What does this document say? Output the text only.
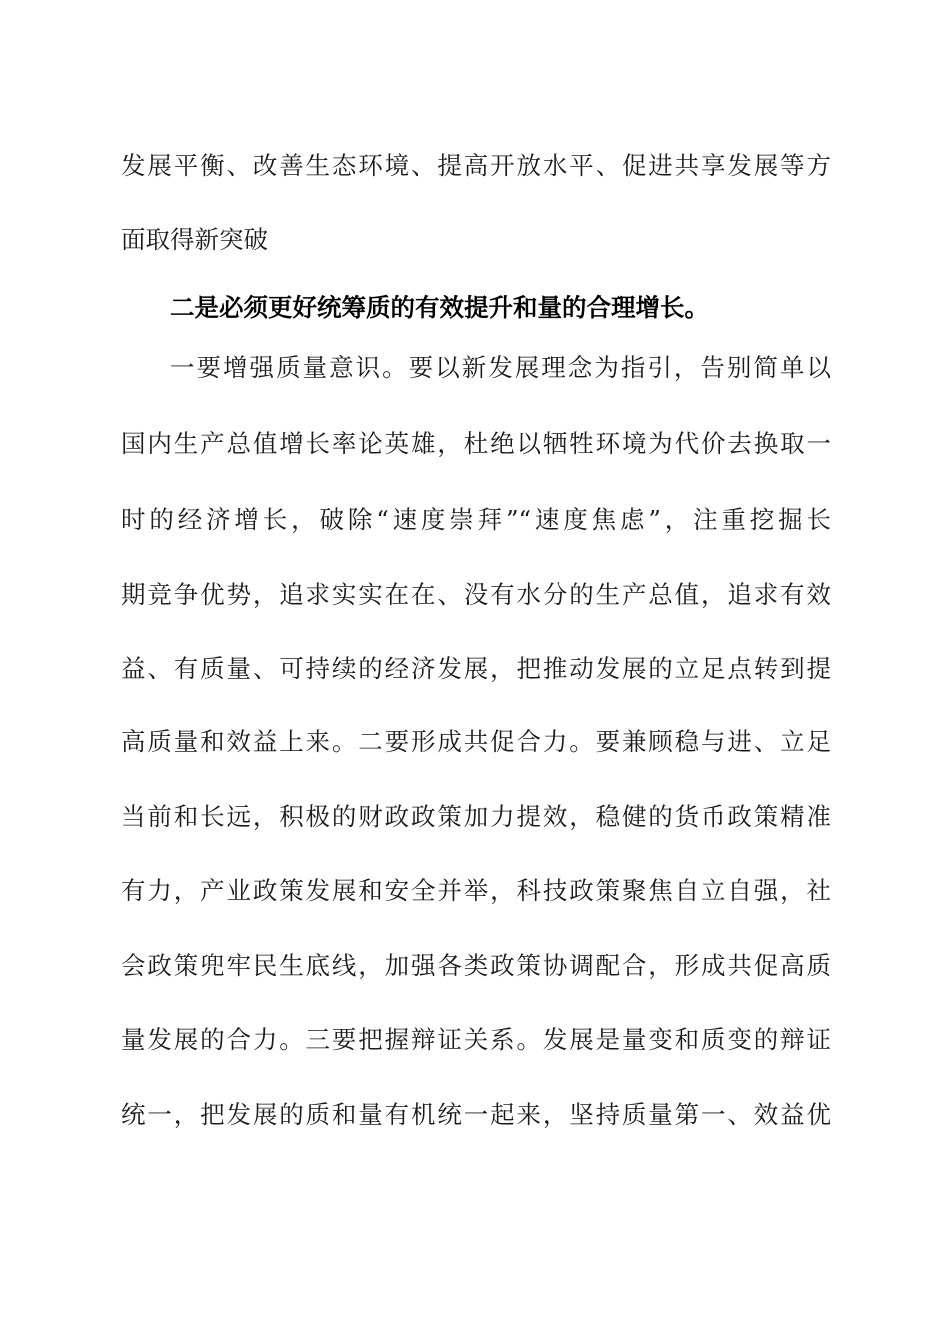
发展平衡、改善生态环境、提高开放水平、促进共享发展等方

面取得新突破

二是必须更好统筹质的有效提升和量的合理增长。

一要增强质量意识。要以新发展理念为指引，告别简单以

国内生产总值增长率论英雄，杜绝以牺牲环境为代价去换取一

时的经济增长，破除“速度崇拜”“速度焦虑”，注重挖掘长

期竞争优势，追求实实在在、没有水分的生产总值，追求有效

益、有质量、可持续的经济发展，把推动发展的立足点转到提

高质量和效益上来。二要形成共促合力。要兼顾稳与进、立足

当前和长远，积极的财政政策加力提效，稳健的货币政策精准

有力，产业政策发展和安全并举，科技政策聚焦自立自强，社

会政策兜牢民生底线，加强各类政策协调配合，形成共促高质

量发展的合力。三要把握辩证关系。发展是量变和质变的辩证

统一，把发展的质和量有机统一起来，坚持质量第一、效益优
